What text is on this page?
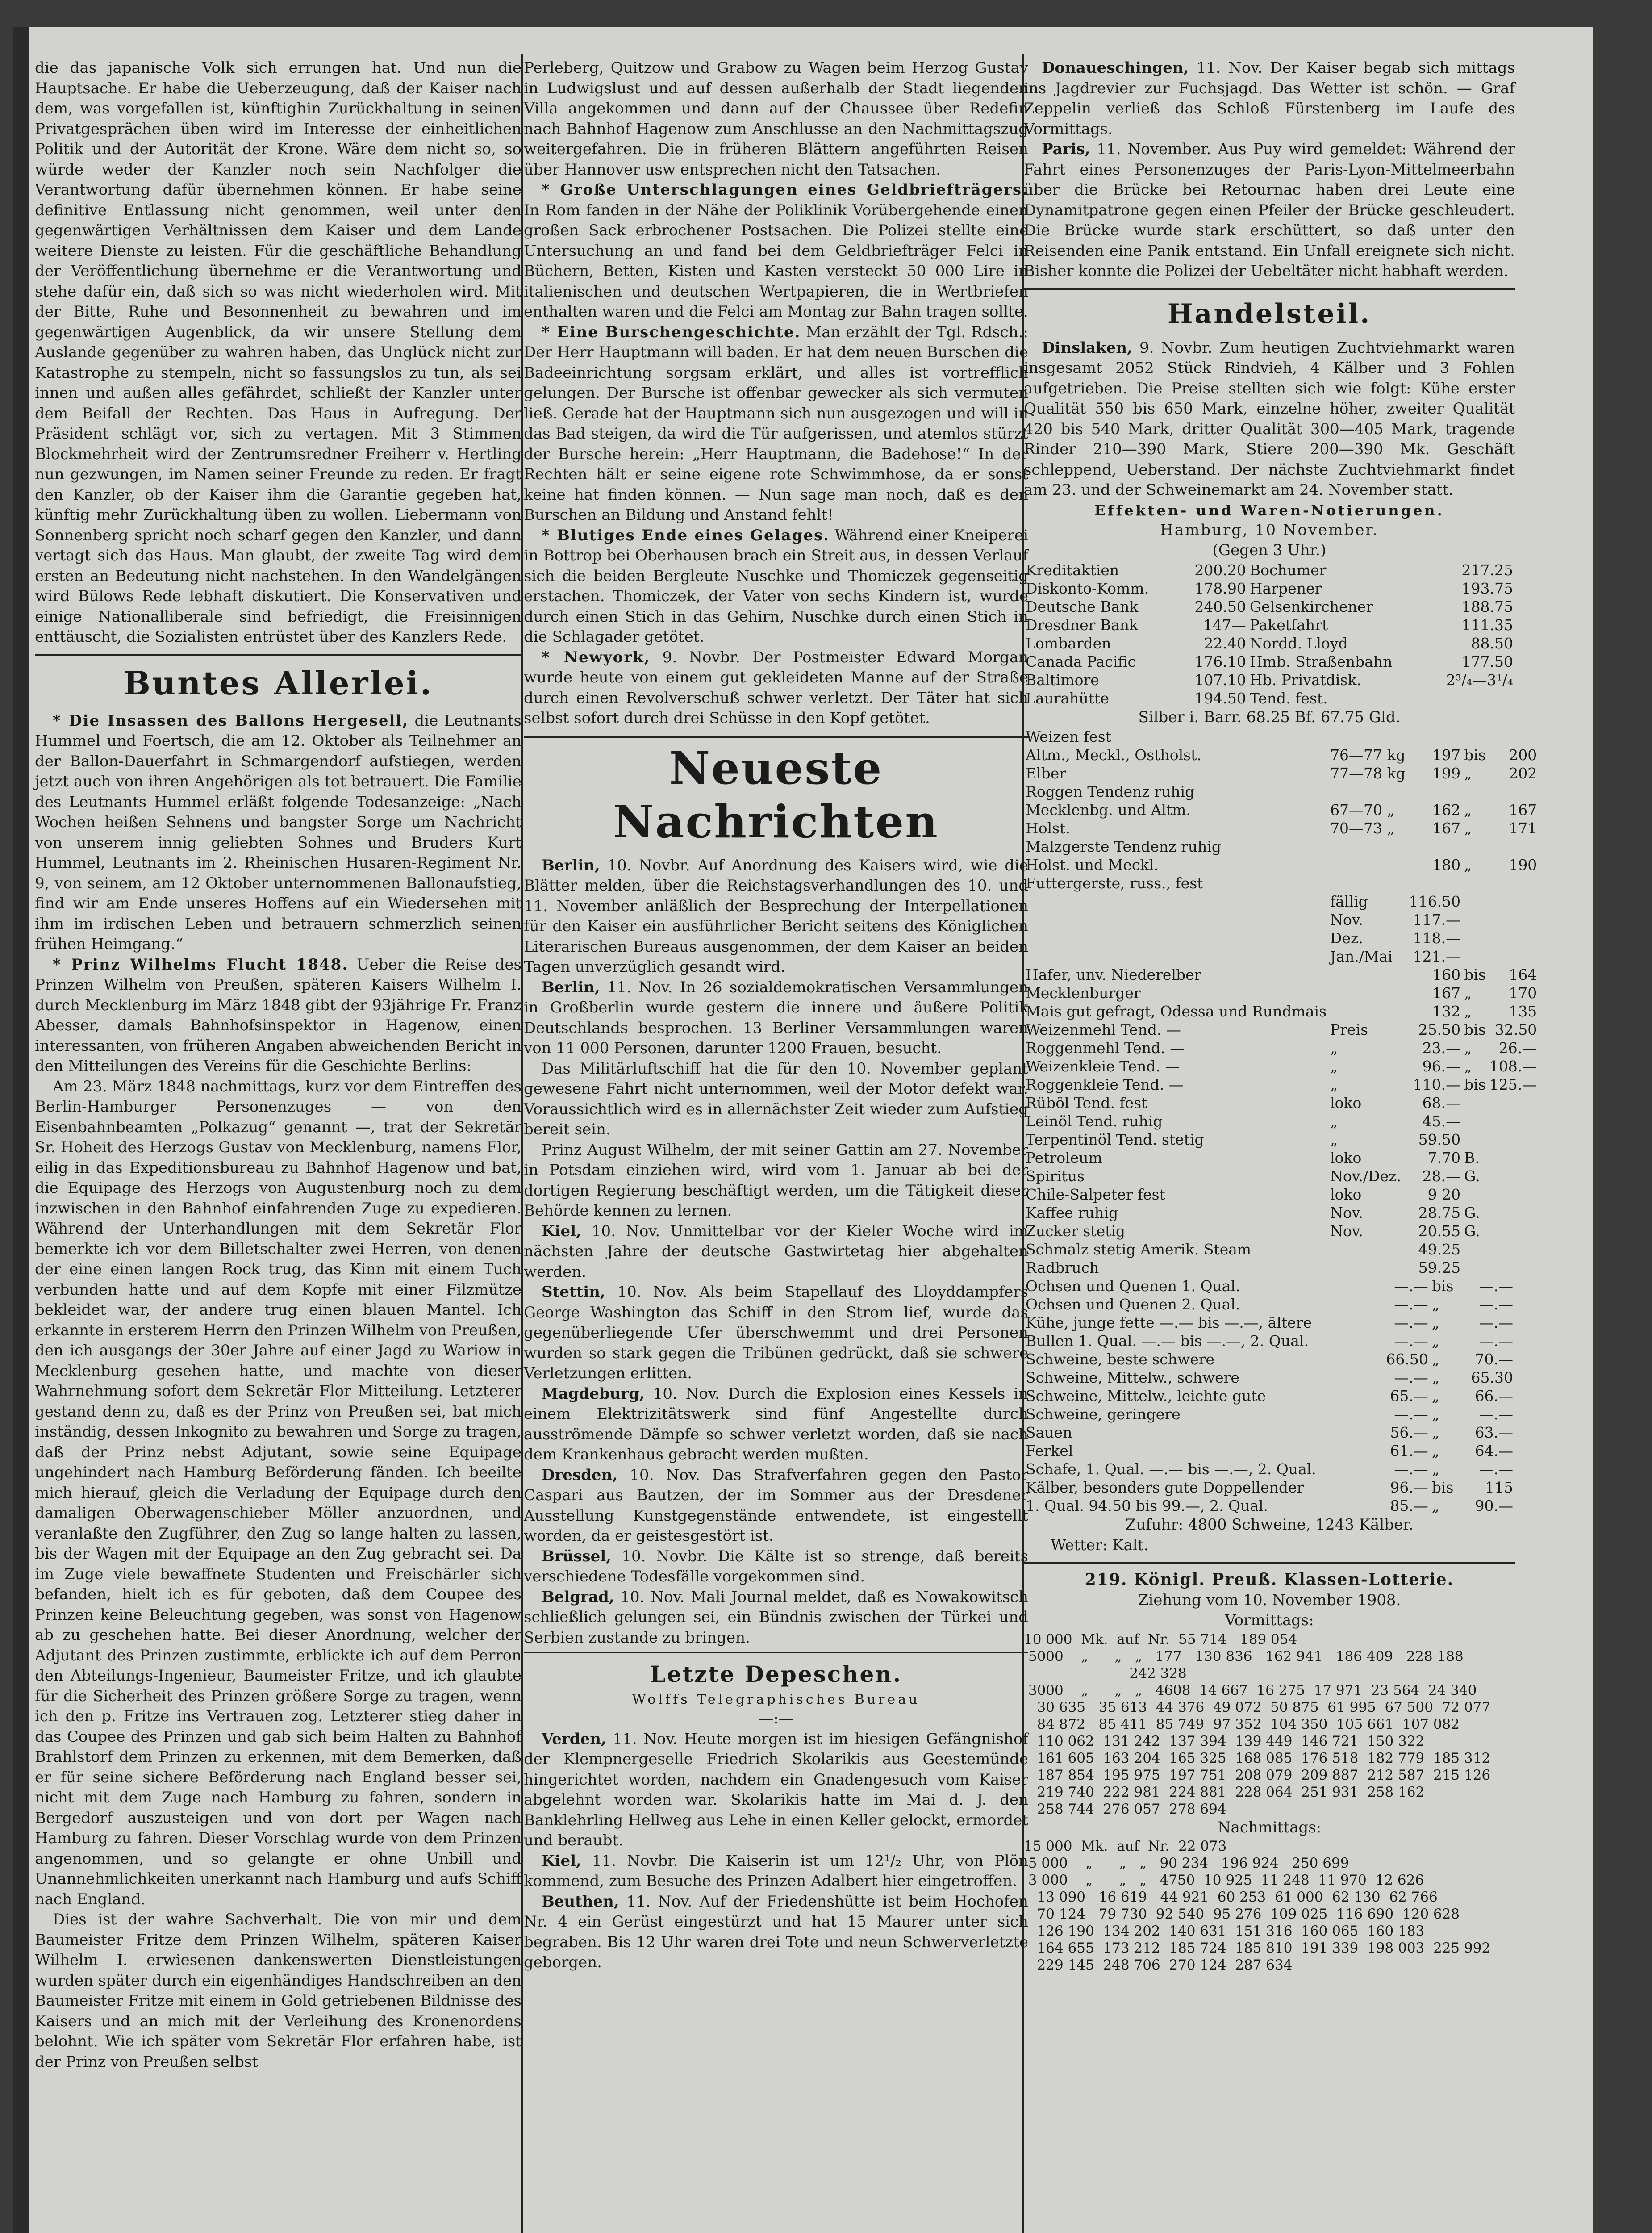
die das japanische Volk sich errungen hat. Und nun die Hauptsache. Er habe die Ueberzeugung, daß der Kaiser nach dem, was vorgefallen ist, künftighin Zurückhaltung in seinen Privatgesprächen üben wird im Interesse der einheitlichen Politik und der Autorität der Krone. Wäre dem nicht so, so würde weder der Kanzler noch sein Nachfolger die Verantwortung dafür übernehmen können. Er habe seine definitive Entlassung nicht genommen, weil unter den gegenwärtigen Verhältnissen dem Kaiser und dem Lande weitere Dienste zu leisten. Für die geschäftliche Behandlung der Veröffentlichung übernehme er die Verantwortung und stehe dafür ein, daß sich so was nicht wiederholen wird. Mit der Bitte, Ruhe und Besonnenheit zu bewahren und im gegenwärtigen Augenblick, da wir unsere Stellung dem Auslande gegenüber zu wahren haben, das Unglück nicht zur Katastrophe zu stempeln, nicht so fassungslos zu tun, als sei innen und außen alles gefährdet, schließt der Kanzler unter dem Beifall der Rechten. Das Haus in Aufregung. Der Präsident schlägt vor, sich zu vertagen. Mit 3 Stimmen Blockmehrheit wird der Zentrumsredner Freiherr v. Hertling nun gezwungen, im Namen seiner Freunde zu reden. Er fragt den Kanzler, ob der Kaiser ihm die Garantie gegeben hat, künftig mehr Zurückhaltung üben zu wollen. Liebermann von Sonnenberg spricht noch scharf gegen den Kanzler, und dann vertagt sich das Haus. Man glaubt, der zweite Tag wird dem ersten an Bedeutung nicht nachstehen. In den Wandelgängen wird Bülows Rede lebhaft diskutiert. Die Konservativen und einige Nationalliberale sind befriedigt, die Freisinnigen enttäuscht, die Sozialisten entrüstet über des Kanzlers Rede.

Buntes Allerlei.

* Die Insassen des Ballons Hergesell, die Leutnants Hummel und Foertsch, die am 12. Oktober als Teilnehmer an der Ballon-Dauerfahrt in Schmargendorf aufstiegen, werden jetzt auch von ihren Angehörigen als tot betrauert. Die Familie des Leutnants Hummel erläßt folgende Todesanzeige: „Nach Wochen heißen Sehnens und bangster Sorge um Nachricht von unserem innig geliebten Sohnes und Bruders Kurt Hummel, Leutnants im 2. Rheinischen Husaren-Regiment Nr. 9, von seinem, am 12 Oktober unternommenen Ballonaufstieg, find wir am Ende unseres Hoffens auf ein Wiedersehen mit ihm im irdischen Leben und betrauern schmerzlich seinen frühen Heimgang.“

* Prinz Wilhelms Flucht 1848. Ueber die Reise des Prinzen Wilhelm von Preußen, späteren Kaisers Wilhelm I. durch Mecklenburg im März 1848 gibt der 93jährige Fr. Franz Abesser, damals Bahnhofsinspektor in Hagenow, einen interessanten, von früheren Angaben abweichenden Bericht in den Mitteilungen des Vereins für die Geschichte Berlins:

Am 23. März 1848 nachmittags, kurz vor dem Eintreffen des Berlin-Hamburger Personenzuges — von den Eisenbahnbeamten „Polkazug“ genannt —, trat der Sekretär Sr. Hoheit des Herzogs Gustav von Mecklenburg, namens Flor, eilig in das Expeditionsbureau zu Bahnhof Hagenow und bat, die Equipage des Herzogs von Augustenburg noch zu dem inzwischen in den Bahnhof einfahrenden Zuge zu expedieren. Während der Unterhandlungen mit dem Sekretär Flor bemerkte ich vor dem Billetschalter zwei Herren, von denen der eine einen langen Rock trug, das Kinn mit einem Tuch verbunden hatte und auf dem Kopfe mit einer Filzmütze bekleidet war, der andere trug einen blauen Mantel. Ich erkannte in ersterem Herrn den Prinzen Wilhelm von Preußen, den ich ausgangs der 30er Jahre auf einer Jagd zu Wariow in Mecklenburg gesehen hatte, und machte von dieser Wahrnehmung sofort dem Sekretär Flor Mitteilung. Letzterer gestand denn zu, daß es der Prinz von Preußen sei, bat mich inständig, dessen Inkognito zu bewahren und Sorge zu tragen, daß der Prinz nebst Adjutant, sowie seine Equipage ungehindert nach Hamburg Beförderung fänden. Ich beeilte mich hierauf, gleich die Verladung der Equipage durch den damaligen Oberwagenschieber Möller anzuordnen, und veranlaßte den Zugführer, den Zug so lange halten zu lassen, bis der Wagen mit der Equipage an den Zug gebracht sei. Da im Zuge viele bewaffnete Studenten und Freischärler sich befanden, hielt ich es für geboten, daß dem Coupee des Prinzen keine Beleuchtung gegeben, was sonst von Hagenow ab zu geschehen hatte. Bei dieser Anordnung, welcher der Adjutant des Prinzen zustimmte, erblickte ich auf dem Perron den Abteilungs-Ingenieur, Baumeister Fritze, und ich glaubte für die Sicherheit des Prinzen größere Sorge zu tragen, wenn ich den p. Fritze ins Vertrauen zog. Letzterer stieg daher in das Coupee des Prinzen und gab sich beim Halten zu Bahnhof Brahlstorf dem Prinzen zu erkennen, mit dem Bemerken, daß er für seine sichere Beförderung nach England besser sei, nicht mit dem Zuge nach Hamburg zu fahren, sondern in Bergedorf auszusteigen und von dort per Wagen nach Hamburg zu fahren. Dieser Vorschlag wurde von dem Prinzen angenommen, und so gelangte er ohne Unbill und Unannehmlichkeiten unerkannt nach Hamburg und aufs Schiff nach England.

Dies ist der wahre Sachverhalt. Die von mir und dem Baumeister Fritze dem Prinzen Wilhelm, späteren Kaiser Wilhelm I. erwiesenen dankenswerten Dienstleistungen wurden später durch ein eigenhändiges Handschreiben an den Baumeister Fritze mit einem in Gold getriebenen Bildnisse des Kaisers und an mich mit der Verleihung des Kronenordens belohnt. Wie ich später vom Sekretär Flor erfahren habe, ist der Prinz von Preußen selbst

Perleberg, Quitzow und Grabow zu Wagen beim Herzog Gustav in Ludwigslust und auf dessen außerhalb der Stadt liegenden Villa angekommen und dann auf der Chaussee über Redefin nach Bahnhof Hagenow zum Anschlusse an den Nachmittagszug weitergefahren. Die in früheren Blättern angeführten Reisen über Hannover usw entsprechen nicht den Tatsachen.

* Große Unterschlagungen eines Geldbriefträgers. In Rom fanden in der Nähe der Poliklinik Vorübergehende einen großen Sack erbrochener Postsachen. Die Polizei stellte eine Untersuchung an und fand bei dem Geldbriefträger Felci in Büchern, Betten, Kisten und Kasten versteckt 50 000 Lire in italienischen und deutschen Wertpapieren, die in Wertbriefen enthalten waren und die Felci am Montag zur Bahn tragen sollte.

* Eine Burschengeschichte. Man erzählt der Tgl. Rdsch.: Der Herr Hauptmann will baden. Er hat dem neuen Burschen die Badeeinrichtung sorgsam erklärt, und alles ist vortrefflich gelungen. Der Bursche ist offenbar gewecker als sich vermuten ließ. Gerade hat der Hauptmann sich nun ausgezogen und will in das Bad steigen, da wird die Tür aufgerissen, und atemlos stürzt der Bursche herein: „Herr Hauptmann, die Badehose!“ In der Rechten hält er seine eigene rote Schwimmhose, da er sonst keine hat finden können. — Nun sage man noch, daß es den Burschen an Bildung und Anstand fehlt!

* Blutiges Ende eines Gelages. Während einer Kneiperei in Bottrop bei Oberhausen brach ein Streit aus, in dessen Verlauf sich die beiden Bergleute Nuschke und Thomiczek gegenseitig erstachen. Thomiczek, der Vater von sechs Kindern ist, wurde durch einen Stich in das Gehirn, Nuschke durch einen Stich in die Schlagader getötet.

* Newyork, 9. Novbr. Der Postmeister Edward Morgan wurde heute von einem gut gekleideten Manne auf der Straße durch einen Revolverschuß schwer verletzt. Der Täter hat sich selbst sofort durch drei Schüsse in den Kopf getötet.

Neueste Nachrichten

Berlin, 10. Novbr. Auf Anordnung des Kaisers wird, wie die Blätter melden, über die Reichstagsverhandlungen des 10. und 11. November anläßlich der Besprechung der Interpellationen für den Kaiser ein ausführlicher Bericht seitens des Königlichen Literarischen Bureaus ausgenommen, der dem Kaiser an beiden Tagen unverzüglich gesandt wird.

Berlin, 11. Nov. In 26 sozialdemokratischen Versammlungen in Großberlin wurde gestern die innere und äußere Politik Deutschlands besprochen. 13 Berliner Versammlungen waren von 11 000 Personen, darunter 1200 Frauen, besucht.

Das Militärluftschiff hat die für den 10. November geplant gewesene Fahrt nicht unternommen, weil der Motor defekt war. Voraussichtlich wird es in allernächster Zeit wieder zum Aufstieg bereit sein.

Prinz August Wilhelm, der mit seiner Gattin am 27. November in Potsdam einziehen wird, wird vom 1. Januar ab bei der dortigen Regierung beschäftigt werden, um die Tätigkeit dieser Behörde kennen zu lernen.

Kiel, 10. Nov. Unmittelbar vor der Kieler Woche wird im nächsten Jahre der deutsche Gastwirtetag hier abgehalten werden.

Stettin, 10. Nov. Als beim Stapellauf des Lloyddampfers George Washington das Schiff in den Strom lief, wurde das gegenüberliegende Ufer überschwemmt und drei Personen wurden so stark gegen die Tribünen gedrückt, daß sie schwere Verletzungen erlitten.

Magdeburg, 10. Nov. Durch die Explosion eines Kessels in einem Elektrizitätswerk sind fünf Angestellte durch ausströmende Dämpfe so schwer verletzt worden, daß sie nach dem Krankenhaus gebracht werden mußten.

Dresden, 10. Nov. Das Strafverfahren gegen den Pastor Caspari aus Bautzen, der im Sommer aus der Dresdener Ausstellung Kunstgegenstände entwendete, ist eingestellt worden, da er geistesgestört ist.

Brüssel, 10. Novbr. Die Kälte ist so strenge, daß bereits verschiedene Todesfälle vorgekommen sind.

Belgrad, 10. Nov. Mali Journal meldet, daß es Nowakowitsch schließlich gelungen sei, ein Bündnis zwischen der Türkei und Serbien zustande zu bringen.

Letzte Depeschen.
Wolffs Telegraphisches Bureau
—:—

Verden, 11. Nov. Heute morgen ist im hiesigen Gefängnishof der Klempnergeselle Friedrich Skolarikis aus Geestemünde hingerichtet worden, nachdem ein Gnadengesuch vom Kaiser abgelehnt worden war. Skolarikis hatte im Mai d. J. den Banklehrling Hellweg aus Lehe in einen Keller gelockt, ermordet und beraubt.

Kiel, 11. Novbr. Die Kaiserin ist um 12¹/₂ Uhr, von Plön kommend, zum Besuche des Prinzen Adalbert hier eingetroffen.

Beuthen, 11. Nov. Auf der Friedenshütte ist beim Hochofen Nr. 4 ein Gerüst eingestürzt und hat 15 Maurer unter sich begraben. Bis 12 Uhr waren drei Tote und neun Schwerverletzte geborgen.

Donaueschingen, 11. Nov. Der Kaiser begab sich mittags ins Jagdrevier zur Fuchsjagd. Das Wetter ist schön. — Graf Zeppelin verließ das Schloß Fürstenberg im Laufe des Vormittags.

Paris, 11. November. Aus Puy wird gemeldet: Während der Fahrt eines Personenzuges der Paris-Lyon-Mittelmeerbahn über die Brücke bei Retournac haben drei Leute eine Dynamitpatrone gegen einen Pfeiler der Brücke geschleudert. Die Brücke wurde stark erschüttert, so daß unter den Reisenden eine Panik entstand. Ein Unfall ereignete sich nicht. Bisher konnte die Polizei der Uebeltäter nicht habhaft werden.

Handelsteil.

Dinslaken, 9. Novbr. Zum heutigen Zuchtviehmarkt waren insgesamt 2052 Stück Rindvieh, 4 Kälber und 3 Fohlen aufgetrieben. Die Preise stellten sich wie folgt: Kühe erster Qualität 550 bis 650 Mark, einzelne höher, zweiter Qualität 420 bis 540 Mark, dritter Qualität 300—405 Mark, tragende Rinder 210—390 Mark, Stiere 200—390 Mk. Geschäft schleppend, Ueberstand. Der nächste Zuchtviehmarkt findet am 23. und der Schweinemarkt am 24. November statt.

Effekten- und Waren-Notierungen.
Hamburg, 10 November.
(Gegen 3 Uhr.)
Kreditaktien	200.20	Bochumer	217.25
Diskonto-Komm.	178.90	Harpener	193.75
Deutsche Bank	240.50	Gelsenkirchener	188.75
Dresdner Bank	147—	Paketfahrt	111.35
Lombarden	22.40	Nordd. Lloyd	88.50
Canada Pacific	176.10	Hmb. Straßenbahn	177.50
Baltimore	107.10	Hb. Privatdisk.	2³/₄—3¹/₄
Laurahütte	194.50	Tend. fest.	
Silber i. Barr. 68.25 Bf. 67.75 Gld.
Weizen fest				
Altm., Meckl., Ostholst.	76—77 kg	197	bis	200
Elber	77—78 kg	199	„	202
Roggen Tendenz ruhig				
Mecklenbg. und Altm.	67—70 „	162	„	167
Holst.	70—73 „	167	„	171
Malzgerste Tendenz ruhig				
Holst. und Meckl.		180	„	190
Futtergerste, russ., fest				
	fällig	116.50		
	Nov.	117.—		
	Dez.	118.—		
	Jan./Mai	121.—		
Hafer, unv. Niederelber		160	bis	164
Mecklenburger		167	„	170
Mais gut gefragt, Odessa und Rundmais		132	„	135
Weizenmehl Tend. —	Preis	25.50	bis	32.50
Roggenmehl Tend. —	„	23.—	„	26.—
Weizenkleie Tend. —	„	96.—	„	108.—
Roggenkleie Tend. —	„	110.—	bis	125.—
Rüböl Tend. fest	loko	68.—		
Leinöl Tend. ruhig	„	45.—		
Terpentinöl Tend. stetig	„	59.50		
Petroleum	loko	7.70	B.	
Spiritus	Nov./Dez.	28.—	G.	
Chile-Salpeter fest	loko	9 20		
Kaffee ruhig	Nov.	28.75	G.	
Zucker stetig	Nov.	20.55	G.	
Schmalz stetig Amerik. Steam		49.25		
Radbruch		59.25		
Ochsen und Quenen 1. Qual.	—.—	bis	—.—
Ochsen und Quenen 2. Qual.	—.—	„	—.—
Kühe, junge fette —.— bis —.—, ältere	—.—	„	—.—
Bullen 1. Qual. —.— bis —.—, 2. Qual.	—.—	„	—.—
Schweine, beste schwere	66.50	„	70.—
Schweine, Mittelw., schwere	—.—	„	65.30
Schweine, Mittelw., leichte gute	65.—	„	66.—
Schweine, geringere	—.—	„	—.—
Sauen	56.—	„	63.—
Ferkel	61.—	„	64.—
Schafe, 1. Qual. —.— bis —.—, 2. Qual.	—.—	„	—.—
Kälber, besonders gute Doppellender	96.—	bis	115
1. Qual. 94.50 bis 99.—, 2. Qual.	85.—	„	90.—
Zufuhr: 4800 Schweine, 1243 Kälber.
Wetter: Kalt.
219. Königl. Preuß. Klassen-Lotterie.
Ziehung vom 10. November 1908.
Vormittags:
10 000  Mk.  auf  Nr.  55 714   189 054
5000    „      „   „   177   130 836   162 941   186 409   228 188
242 328
3000    „      „   „   4608  14 667  16 275  17 971  23 564  24 340
30 635   35 613  44 376  49 072  50 875  61 995  67 500  72 077
84 872   85 411  85 749  97 352  104 350  105 661  107 082
110 062  131 242  137 394  139 449  146 721  150 322
161 605  163 204  165 325  168 085  176 518  182 779  185 312
187 854  195 975  197 751  208 079  209 887  212 587  215 126
219 740  222 981  224 881  228 064  251 931  258 162
258 744  276 057  278 694
Nachmittags:
15 000  Mk.  auf  Nr.  22 073
5 000    „      „   „   90 234   196 924   250 699
3 000    „      „   „   4750  10 925  11 248  11 970  12 626
13 090   16 619   44 921  60 253  61 000  62 130  62 766
70 124   79 730  92 540  95 276  109 025  116 690  120 628
126 190  134 202  140 631  151 316  160 065  160 183
164 655  173 212  185 724  185 810  191 339  198 003  225 992
229 145  248 706  270 124  287 634
